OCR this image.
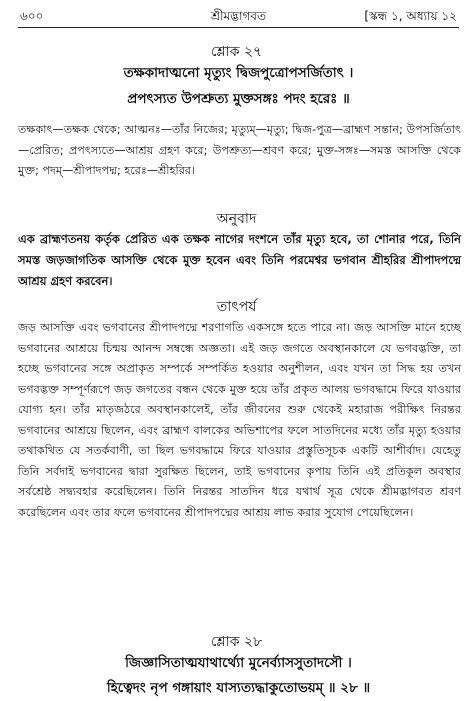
৬০০	শ্রীমদ্ভাগবত	[স্কন্ধ ১, অধ্যায় ১২
শ্লোক ২৭
তক্ষকাদাত্মনো মৃত্যুং দ্বিজপুত্রোপসর্জিতাৎ ।
প্রপৎস্যত উপশ্রুত্য মুক্তসঙ্গঃ পদং হরেঃ ॥

তক্ষকাৎ—তক্ষক থেকে; আত্মনঃ—তাঁর নিজের; মৃত্যুম্—মৃত্যু; দ্বিজ-পুত্র—ব্রাহ্মণ সন্তান; উপসর্জিতাৎ—প্রেরিত; প্রপৎস্যতে—আশ্রয় গ্রহণ করে; উপশ্রুত্য—শ্রবণ করে; মুক্ত-সঙ্গঃ—সমস্ত আসক্তি থেকে মুক্ত; পদম্—শ্রীপাদপদ্ম; হরেঃ—শ্রীহরির।

অনুবাদ

এক ব্রাহ্মণতনয় কর্তৃক প্রেরিত এক তক্ষক নাগের দংশনে তাঁর মৃত্যু হবে, তা শোনার পরে, তিনি সমস্ত জড়জাগতিক আসক্তি থেকে মুক্ত হবেন এবং তিনি পরমেশ্বর ভগবান শ্রীহরির শ্রীপাদপদ্মে আশ্রয় গ্রহণ করবেন।

তাৎপর্য

জড় আসক্তি এবং ভগবানের শ্রীপাদপদ্মে শরণাগতি একসঙ্গে হতে পারে না। জড় আসক্তি মানে হচ্ছে ভগবানের আশ্রয়ে চিন্ময় আনন্দ সম্বন্ধে অজ্ঞতা। এই জড় জগতে অবস্থানকালে যে ভগবদ্ভক্তি, তা হচ্ছে ভগবানের সঙ্গে অপ্রাকৃত সম্পর্কে সম্পর্কিত হওয়ার অনুশীলন, এবং যখন তা সিদ্ধ হয় তখন ভগবদ্ভক্ত সম্পূর্ণরূপে জড় জগতের বন্ধন থেকে মুক্ত হয়ে তাঁর প্রকৃত আলয় ভগবদ্ধামে ফিরে যাওয়ার যোগ্য হন। তাঁর মাতৃজঠরে অবস্থানকালেই, তাঁর জীবনের শুরু থেকেই মহারাজ পরীক্ষিৎ নিরন্তর ভগবানের আশ্রয়ে ছিলেন, এবং ব্রাহ্মণ বালকের অভিশাপের ফলে সাতদিনের মধ্যে তাঁর মৃত্যু হওয়ার তথাকথিত যে সতর্কবাণী, তা ছিল ভগবদ্ধামে ফিরে যাওয়ার প্রস্তুতিসূচক একটি আশীর্বাদ। যেহেতু তিনি সর্বদাই ভগবানের দ্বারা সুরক্ষিত ছিলেন, তাই ভগবানের কৃপায় তিনি এই প্রতিকূল অবস্থার সর্বশ্রেষ্ঠ সদ্ব্যবহার করেছিলেন। তিনি নিরন্তর সাতদিন ধরে যথার্থ সূত্র থেকে শ্রীমদ্ভাগবত শ্রবণ করেছিলেন এবং তার ফলে ভগবানের শ্রীপাদপদ্মের আশ্রয় লাভ করার সুযোগ পেয়েছিলেন।

শ্লোক ২৮
জিজ্ঞাসিতাত্মযাথার্থ্যো মুনের্ব্যাসসুতাদসৌ ।
হিত্বেদং নৃপ গঙ্গায়াং যাস্যত্যদ্ধাকুতোভয়ম্ ॥ ২৮ ॥
